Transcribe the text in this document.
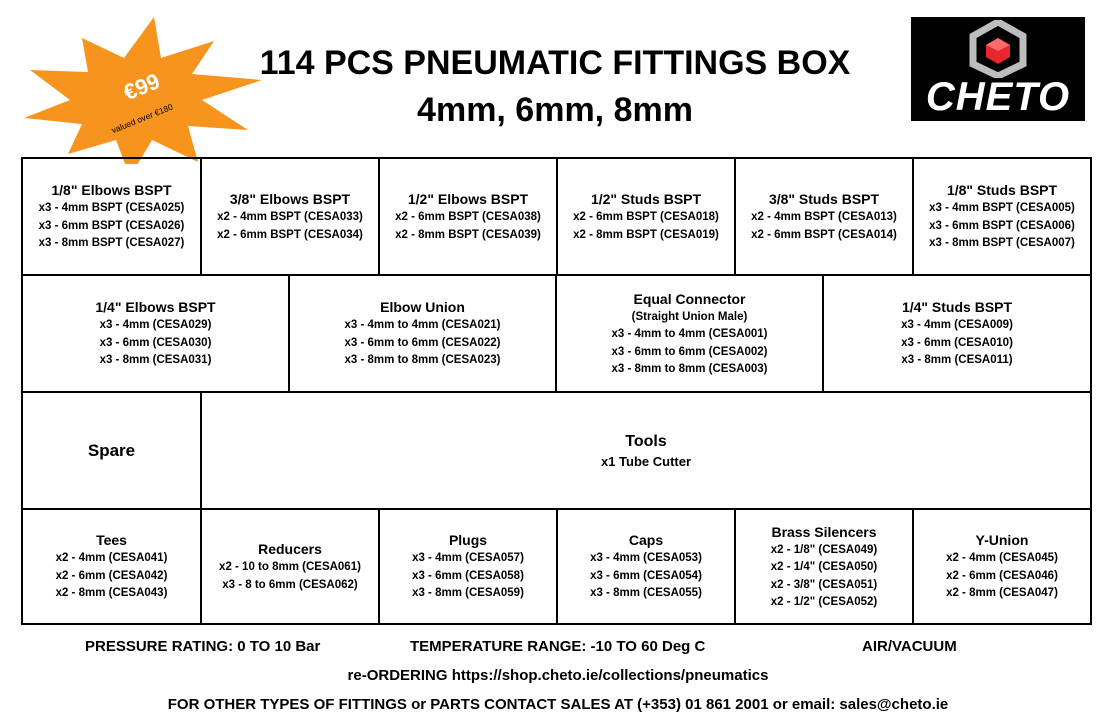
€99
valued over €180
114 PCS PNEUMATIC FITTINGS BOX
4mm, 6mm, 8mm	CHETO
1/8" Elbows BSPT
x3 - 4mm BSPT (CESA025)
x3 - 6mm BSPT (CESA026)
x3 - 8mm BSPT (CESA027)
3/8" Elbows BSPT
x2 - 4mm BSPT (CESA033)
x2 - 6mm BSPT (CESA034)
1/2" Elbows BSPT
x2 - 6mm BSPT (CESA038)
x2 - 8mm BSPT (CESA039)
1/2" Studs BSPT
x2 - 6mm BSPT (CESA018)
x2 - 8mm BSPT (CESA019)
3/8" Studs BSPT
x2 - 4mm BSPT (CESA013)
x2 - 6mm BSPT (CESA014)
1/8" Studs BSPT
x3 - 4mm BSPT (CESA005)
x3 - 6mm BSPT (CESA006)
x3 - 8mm BSPT (CESA007)
1/4" Elbows BSPT
x3 - 4mm (CESA029)
x3 - 6mm (CESA030)
x3 - 8mm (CESA031)
Elbow Union
x3 - 4mm to 4mm (CESA021)
x3 - 6mm to 6mm (CESA022)
x3 - 8mm to 8mm (CESA023)
Equal Connector
(Straight Union Male)
x3 - 4mm to 4mm (CESA001)
x3 - 6mm to 6mm (CESA002)
x3 - 8mm to 8mm (CESA003)
1/4" Studs BSPT
x3 - 4mm (CESA009)
x3 - 6mm (CESA010)
x3 - 8mm (CESA011)
Spare	Tools
x1 Tube Cutter
Tees
x2 - 4mm (CESA041)
x2 - 6mm (CESA042)
x2 - 8mm (CESA043)
Reducers
x2 - 10 to 8mm (CESA061)
x3 - 8 to 6mm (CESA062)
Plugs
x3 - 4mm (CESA057)
x3 - 6mm (CESA058)
x3 - 8mm (CESA059)
Caps
x3 - 4mm (CESA053)
x3 - 6mm (CESA054)
x3 - 8mm (CESA055)
Brass Silencers
x2 - 1/8" (CESA049)
x2 - 1/4" (CESA050)
x2 - 3/8" (CESA051)
x2 - 1/2" (CESA052)
Y-Union
x2 - 4mm (CESA045)
x2 - 6mm (CESA046)
x2 - 8mm (CESA047)
PRESSURE RATING: 0 TO 10 Bar	TEMPERATURE RANGE: -10 TO 60 Deg C	AIR/VACUUM
re-ORDERING https://shop.cheto.ie/collections/pneumatics
FOR OTHER TYPES OF FITTINGS or PARTS CONTACT SALES AT (+353) 01 861 2001 or email: sales@cheto.ie
